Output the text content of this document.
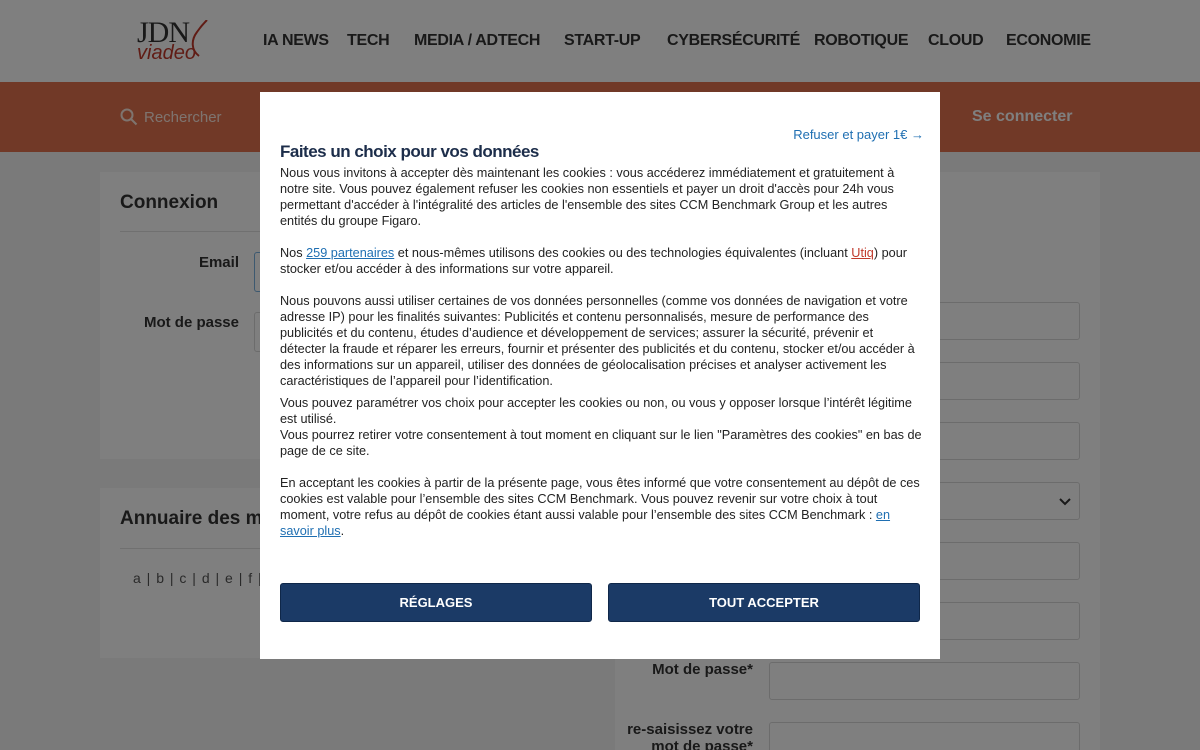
Refuser et payer 1€ →
Faites un choix pour vos données

Nous vous invitons à accepter dès maintenant les cookies : vous accéderez immédiatement et gratuitement à notre site. Vous pouvez également refuser les cookies non essentiels et payer un droit d'accès pour 24h vous permettant d'accéder à l'intégralité des articles de l'ensemble des sites CCM Benchmark Group et les autres entités du groupe Figaro.

Nos 259 partenaires et nous-mêmes utilisons des cookies ou des technologies équivalentes (incluant Utiq) pour stocker et/ou accéder à des informations sur votre appareil.

Nous pouvons aussi utiliser certaines de vos données personnelles (comme vos données de navigation et votre adresse IP) pour les finalités suivantes: Publicités et contenu personnalisés, mesure de performance des publicités et du contenu, études d’audience et développement de services; assurer la sécurité, prévenir et détecter la fraude et réparer les erreurs, fournir et présenter des publicités et du contenu, stocker et/ou accéder à des informations sur un appareil, utiliser des données de géolocalisation précises et analyser activement les caractéristiques de l’appareil pour l’identification.

Vous pouvez paramétrer vos choix pour accepter les cookies ou non, ou vous y opposer lorsque l’intérêt légitime est utilisé.

Vous pourrez retirer votre consentement à tout moment en cliquant sur le lien "Paramètres des cookies" en bas de page de ce site.

En acceptant les cookies à partir de la présente page, vous êtes informé que votre consentement au dépôt de ces cookies est valable pour l’ensemble des sites CCM Benchmark. Vous pouvez revenir sur votre choix à tout moment, votre refus au dépôt de cookies étant aussi valable pour l’ensemble des sites CCM Benchmark : en savoir plus.

RÉGLAGES	TOUT ACCEPTER
